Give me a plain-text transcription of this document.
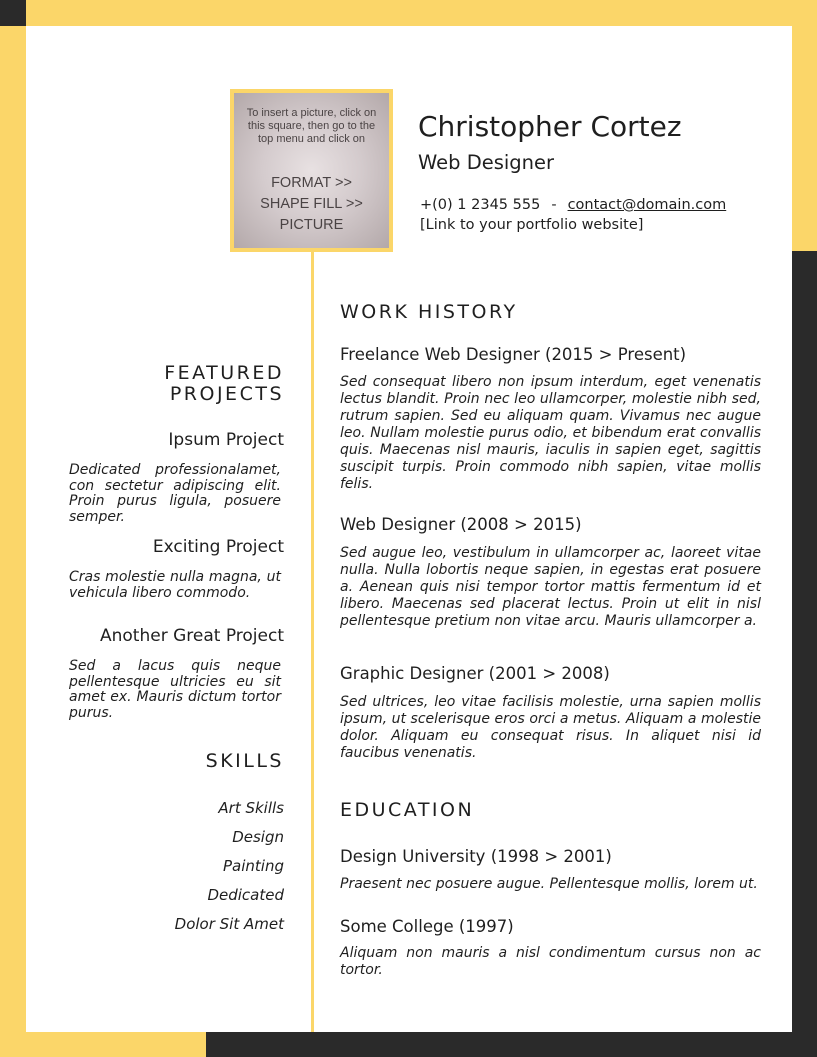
To insert a picture, click on this square, then go to the top menu and click on
FORMAT >>
SHAPE FILL >>
PICTURE
Christopher Cortez
Web Designer
+(0) 1 2345 555 - contact@domain.com
[Link to your portfolio website]
FEATURED
PROJECTS
Ipsum Project
Dedicated professionalamet, con sectetur adipiscing elit. Proin purus ligula, posuere semper.
Exciting Project
Cras molestie nulla magna, ut vehicula libero commodo.
Another Great Project
Sed a lacus quis neque pellentesque ultricies eu sit amet ex. Mauris dictum tortor purus.
SKILLS
Art Skills
Design
Painting
Dedicated
Dolor Sit Amet
WORK HISTORY
Freelance Web Designer (2015 > Present)
Sed consequat libero non ipsum interdum, eget venenatis lectus blandit. Proin nec leo ullamcorper, molestie nibh sed, rutrum sapien. Sed eu aliquam quam. Vivamus nec augue leo. Nullam molestie purus odio, et bibendum erat convallis quis. Maecenas nisl mauris, iaculis in sapien eget, sagittis suscipit turpis. Proin commodo nibh sapien, vitae mollis felis.
Web Designer (2008 > 2015)
Sed augue leo, vestibulum in ullamcorper ac, laoreet vitae nulla. Nulla lobortis neque sapien, in egestas erat posuere a. Aenean quis nisi tempor tortor mattis fermentum id et libero. Maecenas sed placerat lectus. Proin ut elit in nisl pellentesque pretium non vitae arcu. Mauris ullamcorper a.
Graphic Designer (2001 > 2008)
Sed ultrices, leo vitae facilisis molestie, urna sapien mollis ipsum, ut scelerisque eros orci a metus. Aliquam a molestie dolor. Aliquam eu consequat risus. In aliquet nisi id faucibus venenatis.
EDUCATION
Design University (1998 > 2001)
Praesent nec posuere augue. Pellentesque mollis, lorem ut.
Some College (1997)
Aliquam non mauris a nisl condimentum cursus non ac tortor.
